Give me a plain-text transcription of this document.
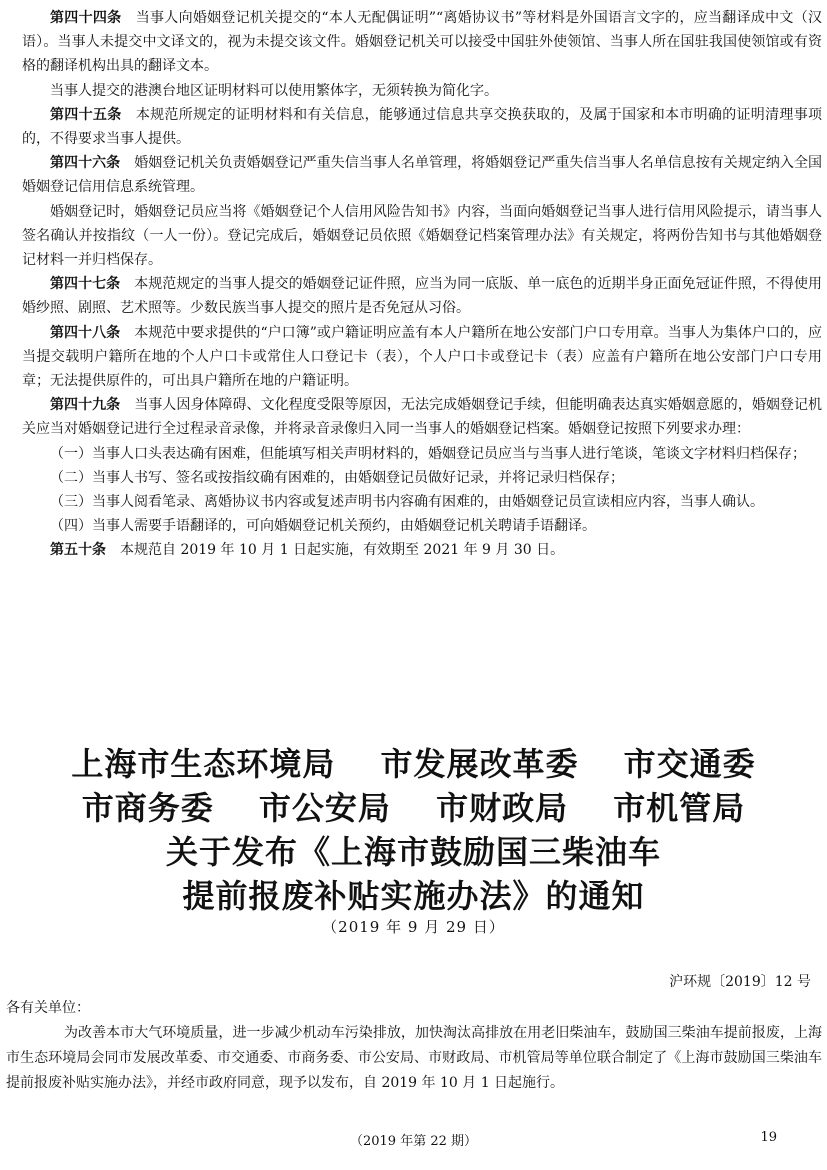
第四十四条　 当事人向婚姻登记机关提交的“本人无配偶证明”“离婚协议书”等材料是外国语言文字的，应当翻译成中文（汉语）。当事人未提交中文译文的，视为未提交该文件。婚姻登记机关可以接受中国驻外使领馆、当事人所在国驻我国使领馆或有资格的翻译机构出具的翻译文本。

当事人提交的港澳台地区证明材料可以使用繁体字，无须转换为简化字。

第四十五条　 本规范所规定的证明材料和有关信息，能够通过信息共享交换获取的，及属于国家和本市明确的证明清理事项的，不得要求当事人提供。

第四十六条　 婚姻登记机关负责婚姻登记严重失信当事人名单管理，将婚姻登记严重失信当事人名单信息按有关规定纳入全国婚姻登记信用信息系统管理。

婚姻登记时，婚姻登记员应当将《婚姻登记个人信用风险告知书》内容，当面向婚姻登记当事人进行信用风险提示，请当事人签名确认并按指纹（一人一份）。登记完成后，婚姻登记员依照《婚姻登记档案管理办法》有关规定，将两份告知书与其他婚姻登记材料一并归档保存。

第四十七条　 本规范规定的当事人提交的婚姻登记证件照，应当为同一底版、单一底色的近期半身正面免冠证件照，不得使用婚纱照、剧照、艺术照等。少数民族当事人提交的照片是否免冠从习俗。

第四十八条　 本规范中要求提供的“户口簿”或户籍证明应盖有本人户籍所在地公安部门户口专用章。当事人为集体户口的，应当提交载明户籍所在地的个人户口卡或常住人口登记卡（表），个人户口卡或登记卡（表）应盖有户籍所在地公安部门户口专用章；无法提供原件的，可出具户籍所在地的户籍证明。

第四十九条　 当事人因身体障碍、文化程度受限等原因，无法完成婚姻登记手续，但能明确表达真实婚姻意愿的，婚姻登记机关应当对婚姻登记进行全过程录音录像，并将录音录像归入同一当事人的婚姻登记档案。婚姻登记按照下列要求办理：

（一）当事人口头表达确有困难，但能填写相关声明材料的，婚姻登记员应当与当事人进行笔谈，笔谈文字材料归档保存；

（二）当事人书写、签名或按指纹确有困难的，由婚姻登记员做好记录，并将记录归档保存；

（三）当事人阅看笔录、离婚协议书内容或复述声明书内容确有困难的，由婚姻登记员宣读相应内容，当事人确认。

（四）当事人需要手语翻译的，可向婚姻登记机关预约，由婚姻登记机关聘请手语翻译。

第五十条　 本规范自 2019 年 10 月 1 日起实施，有效期至 2021 年 9 月 30 日。

上海市生态环境局　 市发展改革委　 市交通委
市商务委　 市公安局　 市财政局　 市机管局
关于发布《上海市鼓励国三柴油车
提前报废补贴实施办法》的通知
（2019 年 9 月 29 日）
沪环规〔2019〕12 号

各有关单位：

为改善本市大气环境质量，进一步减少机动车污染排放，加快淘汰高排放在用老旧柴油车，鼓励国三柴油车提前报废，上海市生态环境局会同市发展改革委、市交通委、市商务委、市公安局、市财政局、市机管局等单位联合制定了《上海市鼓励国三柴油车提前报废补贴实施办法》，并经市政府同意，现予以发布，自 2019 年 10 月 1 日起施行。

（2019 年第 22 期）	19
